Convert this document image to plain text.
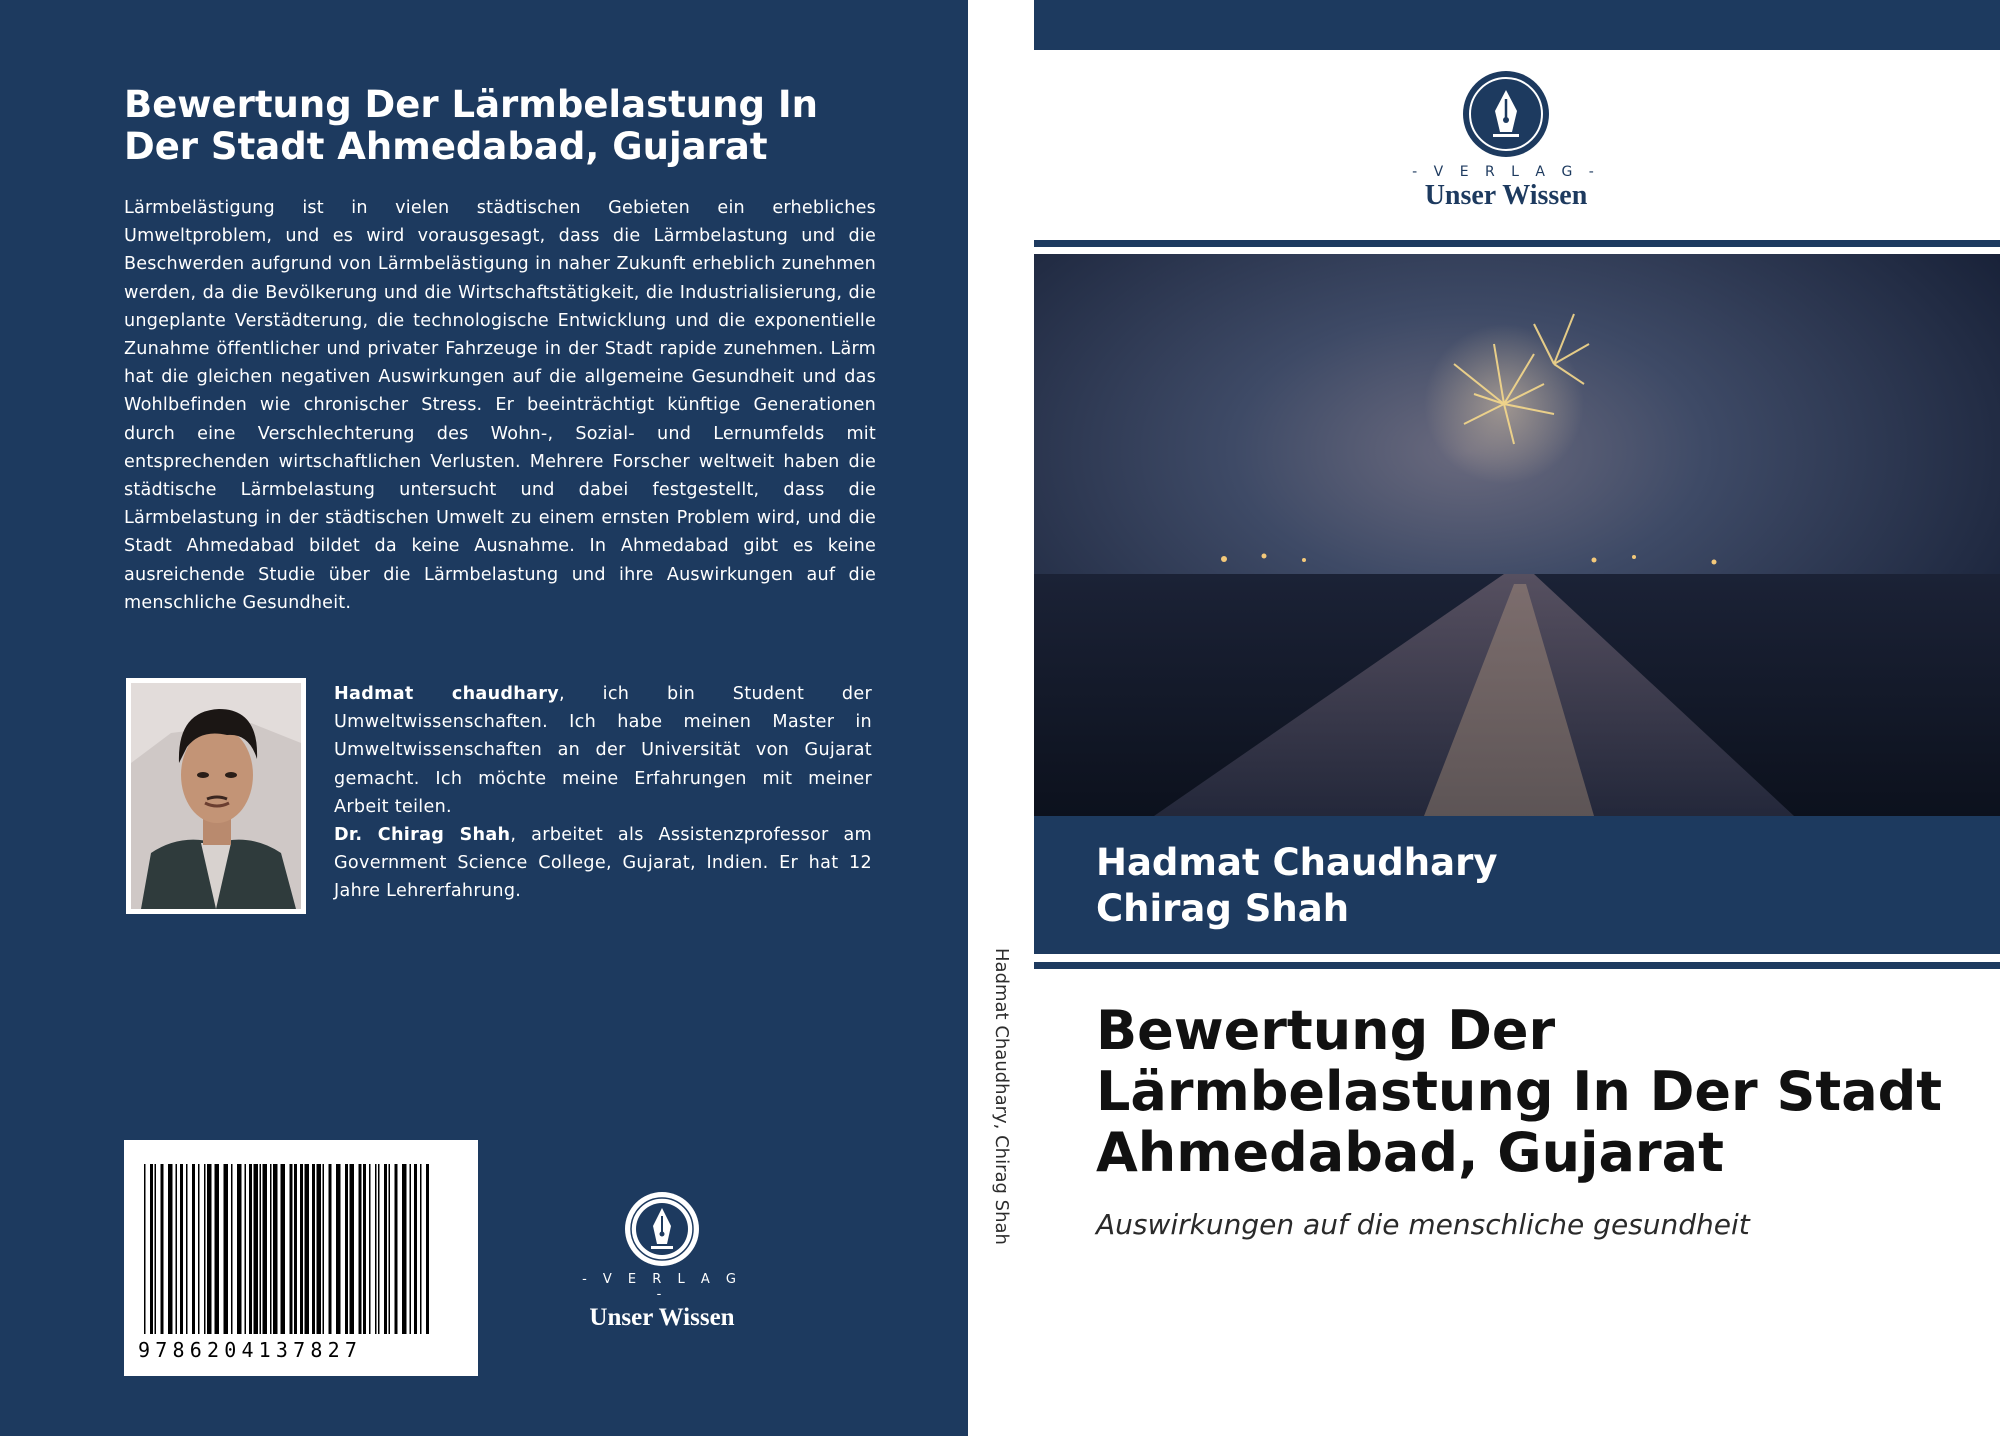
Bewertung Der Lärmbelastung In Der Stadt Ahmedabad, Gujarat

Lärmbelästigung ist in vielen städtischen Gebieten ein erhebliches Umweltproblem, und es wird vorausgesagt, dass die Lärmbelastung und die Beschwerden aufgrund von Lärmbelästigung in naher Zukunft erheblich zunehmen werden, da die Bevölkerung und die Wirtschaftstätigkeit, die Industrialisierung, die ungeplante Verstädterung, die technologische Entwicklung und die exponentielle Zunahme öffentlicher und privater Fahrzeuge in der Stadt rapide zunehmen. Lärm hat die gleichen negativen Auswirkungen auf die allgemeine Gesundheit und das Wohlbefinden wie chronischer Stress. Er beeinträchtigt künftige Generationen durch eine Verschlechterung des Wohn-, Sozial- und Lernumfelds mit entsprechenden wirtschaftlichen Verlusten. Mehrere Forscher weltweit haben die städtische Lärmbelastung untersucht und dabei festgestellt, dass die Lärmbelastung in der städtischen Umwelt zu einem ernsten Problem wird, und die Stadt Ahmedabad bildet da keine Ausnahme. In Ahmedabad gibt es keine ausreichende Studie über die Lärmbelastung und ihre Auswirkungen auf die menschliche Gesundheit.

Hadmat chaudhary, ich bin Student der Umweltwissenschaften. Ich habe meinen Master in Umweltwissenschaften an der Universität von Gujarat gemacht. Ich möchte meine Erfahrungen mit meiner Arbeit teilen.

Dr. Chirag Shah, arbeitet als Assistenzprofessor am Government Science College, Gujarat, Indien. Er hat 12 Jahre Lehrerfahrung.

9786204137827
- V E R L A G -
Unser Wissen
Hadmat Chaudhary, Chirag Shah
- V E R L A G -
Unser Wissen
Hadmat Chaudhary
Chirag Shah
Bewertung Der Lärmbelastung In Der Stadt Ahmedabad, Gujarat
Auswirkungen auf die menschliche gesundheit
